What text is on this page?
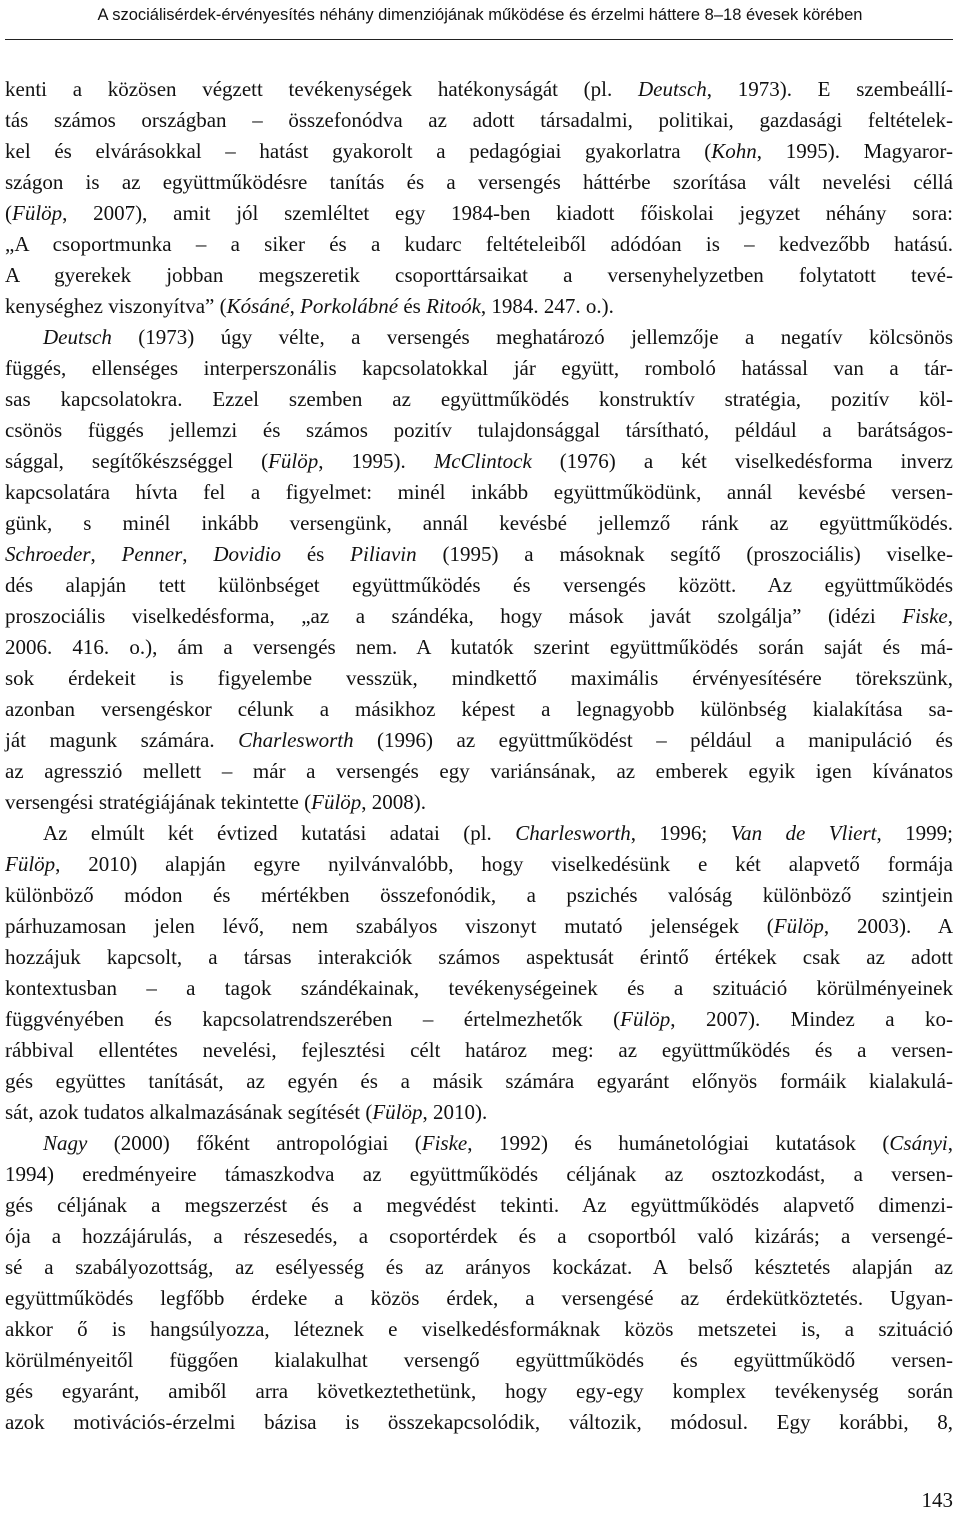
A szociálisérdek-érvényesítés néhány dimenziójának működése és érzelmi háttere 8–18 évesek körében
kenti a közösen végzett tevékenységek hatékonyságát (pl. Deutsch, 1973). E szembeállí-
tás számos országban – összefonódva az adott társadalmi, politikai, gazdasági feltételek-
kel és elvárásokkal – hatást gyakorolt a pedagógiai gyakorlatra (Kohn, 1995). Magyaror-
szágon is az együttműködésre tanítás és a versengés háttérbe szorítása vált nevelési céllá
(Fülöp, 2007), amit jól szemléltet egy 1984-ben kiadott főiskolai jegyzet néhány sora:
„A csoportmunka – a siker és a kudarc feltételeiből adódóan is – kedvezőbb hatású.
A gyerekek jobban megszeretik csoporttársaikat a versenyhelyzetben folytatott tevé-
kenységhez viszonyítva” (Kósáné, Porkolábné és Ritoók, 1984. 247. o.).
Deutsch (1973) úgy vélte, a versengés meghatározó jellemzője a negatív kölcsönös
függés, ellenséges interperszonális kapcsolatokkal jár együtt, romboló hatással van a tár-
sas kapcsolatokra. Ezzel szemben az együttműködés konstruktív stratégia, pozitív köl-
csönös függés jellemzi és számos pozitív tulajdonsággal társítható, például a barátságos-
sággal, segítőkészséggel (Fülöp, 1995). McClintock (1976) a két viselkedésforma inverz
kapcsolatára hívta fel a figyelmet: minél inkább együttműködünk, annál kevésbé versen-
günk, s minél inkább versengünk, annál kevésbé jellemző ránk az együttműködés.
Schroeder, Penner, Dovidio és Piliavin (1995) a másoknak segítő (proszociális) viselke-
dés alapján tett különbséget együttműködés és versengés között. Az együttműködés
proszociális viselkedésforma, „az a szándéka, hogy mások javát szolgálja” (idézi Fiske,
2006. 416. o.), ám a versengés nem. A kutatók szerint együttműködés során saját és má-
sok érdekeit is figyelembe vesszük, mindkettő maximális érvényesítésére törekszünk,
azonban versengéskor célunk a másikhoz képest a legnagyobb különbség kialakítása sa-
ját magunk számára. Charlesworth (1996) az együttműködést – például a manipuláció és
az agresszió mellett – már a versengés egy variánsának, az emberek egyik igen kívánatos
versengési stratégiájának tekintette (Fülöp, 2008).
Az elmúlt két évtized kutatási adatai (pl. Charlesworth, 1996; Van de Vliert, 1999;
Fülöp, 2010) alapján egyre nyilvánvalóbb, hogy viselkedésünk e két alapvető formája
különböző módon és mértékben összefonódik, a pszichés valóság különböző szintjein
párhuzamosan jelen lévő, nem szabályos viszonyt mutató jelenségek (Fülöp, 2003). A
hozzájuk kapcsolt, a társas interakciók számos aspektusát érintő értékek csak az adott
kontextusban – a tagok szándékainak, tevékenységeinek és a szituáció körülményeinek
függvényében és kapcsolatrendszerében – értelmezhetők (Fülöp, 2007). Mindez a ko-
rábbival ellentétes nevelési, fejlesztési célt határoz meg: az együttműködés és a versen-
gés együttes tanítását, az egyén és a másik számára egyaránt előnyös formáik kialakulá-
sát, azok tudatos alkalmazásának segítését (Fülöp, 2010).
Nagy (2000) főként antropológiai (Fiske, 1992) és humánetológiai kutatások (Csányi,
1994) eredményeire támaszkodva az együttműködés céljának az osztozkodást, a versen-
gés céljának a megszerzést és a megvédést tekinti. Az együttműködés alapvető dimenzi-
ója a hozzájárulás, a részesedés, a csoportérdek és a csoportból való kizárás; a versengé-
sé a szabályozottság, az esélyesség és az arányos kockázat. A belső késztetés alapján az
együttműködés legfőbb érdeke a közös érdek, a versengésé az érdekütköztetés. Ugyan-
akkor ő is hangsúlyozza, léteznek e viselkedésformáknak közös metszetei is, a szituáció
körülményeitől függően kialakulhat versengő együttműködés és együttműködő versen-
gés egyaránt, amiből arra következtethetünk, hogy egy-egy komplex tevékenység során
azok motivációs-érzelmi bázisa is összekapcsolódik, változik, módosul. Egy korábbi, 8,
143
